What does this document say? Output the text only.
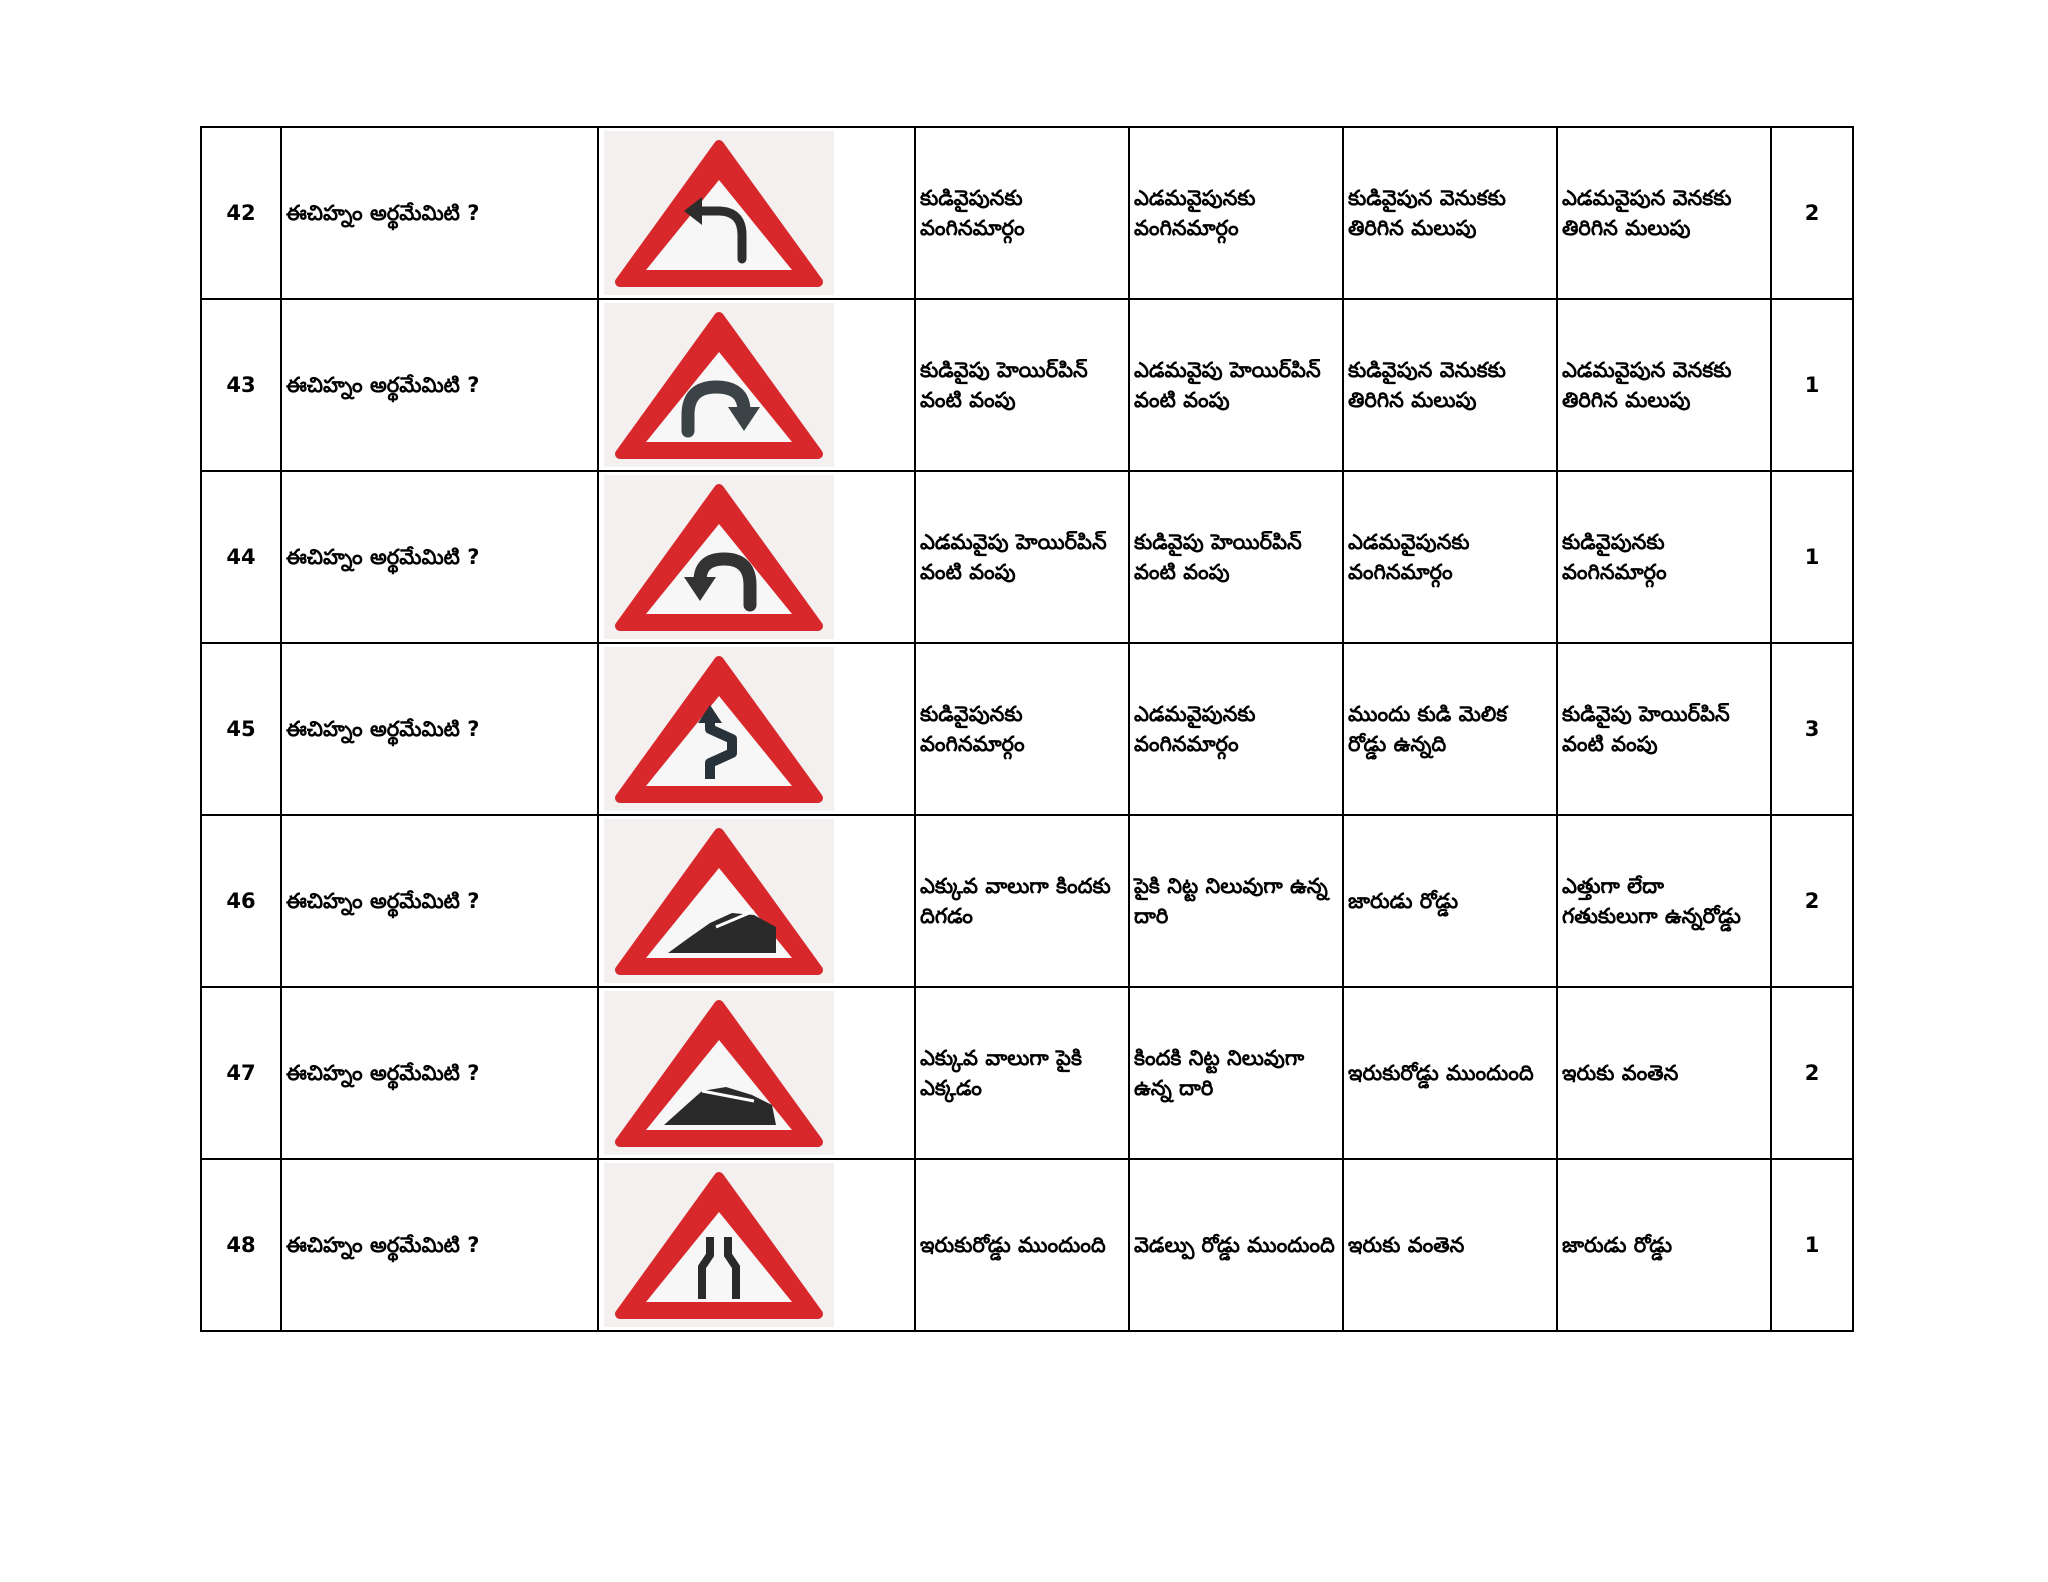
42	ఈచిహ్నం అర్థమేమిటి ?		కుడివైపునకు వంగినమార్గం	ఎడమవైపునకు వంగినమార్గం	కుడివైపున వెనుకకు తిరిగిన మలుపు	ఎడమవైపున వెనకకు తిరిగిన మలుపు	2
43	ఈచిహ్నం అర్థమేమిటి ?		కుడివైపు హెయిర్‌పిన్ వంటి వంపు	ఎడమవైపు హెయిర్‌పిన్ వంటి వంపు	కుడివైపున వెనుకకు తిరిగిన మలుపు	ఎడమవైపున వెనకకు తిరిగిన మలుపు	1
44	ఈచిహ్నం అర్థమేమిటి ?		ఎడమవైపు హెయిర్‌పిన్ వంటి వంపు	కుడివైపు హెయిర్‌పిన్ వంటి వంపు	ఎడమవైపునకు వంగినమార్గం	కుడివైపునకు వంగినమార్గం	1
45	ఈచిహ్నం అర్థమేమిటి ?		కుడివైపునకు వంగినమార్గం	ఎడమవైపునకు వంగినమార్గం	ముందు కుడి మెలిక రోడ్డు ఉన్నది	కుడివైపు హెయిర్‌పిన్ వంటి వంపు	3
46	ఈచిహ్నం అర్థమేమిటి ?		ఎక్కువ వాలుగా కిందకు దిగడం	పైకి నిట్ట నిలువుగా ఉన్న దారి	జారుడు రోడ్డు	ఎత్తుగా లేదా గతుకులుగా ఉన్నరోడ్డు	2
47	ఈచిహ్నం అర్థమేమిటి ?		ఎక్కువ వాలుగా పైకి ఎక్కడం	కిందకి నిట్ట నిలువుగా ఉన్న దారి	ఇరుకురోడ్డు ముందుంది	ఇరుకు వంతెన	2
48	ఈచిహ్నం అర్థమేమిటి ?		ఇరుకురోడ్డు ముందుంది	వెడల్పు రోడ్డు ముందుంది	ఇరుకు వంతెన	జారుడు రోడ్డు	1
